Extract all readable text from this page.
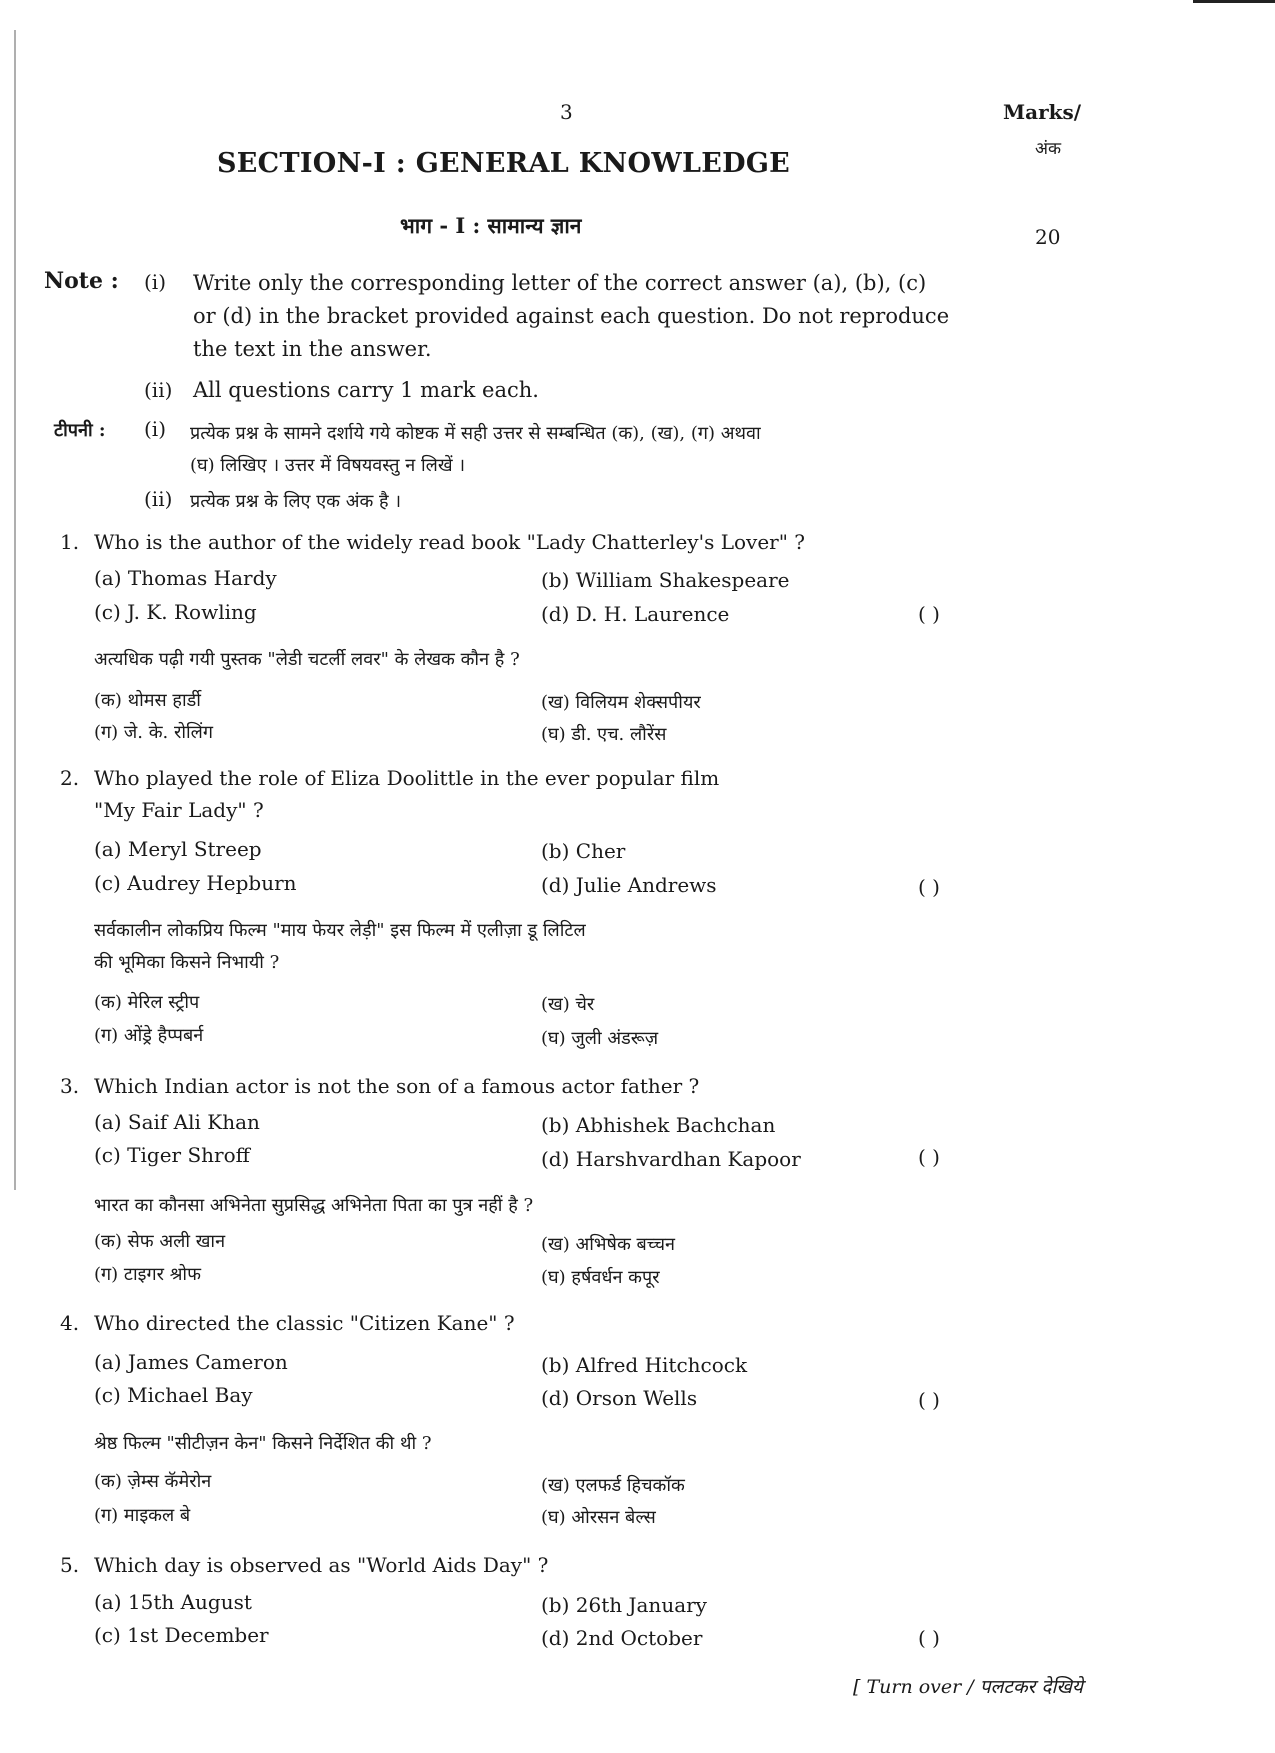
3	Marks/
अंक
20
SECTION-I : GENERAL KNOWLEDGE
भाग - I : सामान्य ज्ञान
Note : (i) Write only the corresponding letter of the correct answer (a), (b), (c)
or (d) in the bracket provided against each question. Do not reproduce
the text in the answer.
(ii) All questions carry 1 mark each.
टीपनी : (i) प्रत्येक प्रश्न के सामने दर्शाये गये कोष्टक में सही उत्तर से सम्बन्धित (क), (ख), (ग) अथवा
(घ) लिखिए । उत्तर में विषयवस्तु न लिखें ।
(ii) प्रत्येक प्रश्न के लिए एक अंक है ।
1. Who is the author of the widely read book "Lady Chatterley's Lover" ?
(a) Thomas Hardy	(b) William Shakespeare
(c) J. K. Rowling	(d) D. H. Laurence	( )
अत्यधिक पढ़ी गयी पुस्तक "लेडी चटर्ली लवर" के लेखक कौन है ?
(क) थोमस हार्डी	(ख) विलियम शेक्सपीयर
(ग) जे. के. रोलिंग	(घ) डी. एच. लौरेंस
2. Who played the role of Eliza Doolittle in the ever popular film
"My Fair Lady" ?
(a) Meryl Streep	(b) Cher
(c) Audrey Hepburn	(d) Julie Andrews	( )
सर्वकालीन लोकप्रिय फिल्म "माय फेयर लेड़ी" इस फिल्म में एलीज़ा डू लिटिल
की भूमिका किसने निभायी ?
(क) मेरिल स्ट्रीप	(ख) चेर
(ग) ओंड्रे हैप्पबर्न	(घ) जुली अंडरूज़
3. Which Indian actor is not the son of a famous actor father ?
(a) Saif Ali Khan	(b) Abhishek Bachchan
(c) Tiger Shroff	(d) Harshvardhan Kapoor	( )
भारत का कौनसा अभिनेता सुप्रसिद्ध अभिनेता पिता का पुत्र नहीं है ?
(क) सेफ अली खान	(ख) अभिषेक बच्चन
(ग) टाइगर श्रोफ	(घ) हर्षवर्धन कपूर
4. Who directed the classic "Citizen Kane" ?
(a) James Cameron	(b) Alfred Hitchcock
(c) Michael Bay	(d) Orson Wells	( )
श्रेष्ठ फिल्म "सीटीज़न केन" किसने निर्देशित की थी ?
(क) ज़ेम्स कॅमेरोन	(ख) एलफर्ड हिचकॉक
(ग) माइकल बे	(घ) ओरसन बेल्स
5. Which day is observed as "World Aids Day" ?
(a) 15th August	(b) 26th January
(c) 1st December	(d) 2nd October	( )
[ Turn over / पलटकर देखिये
